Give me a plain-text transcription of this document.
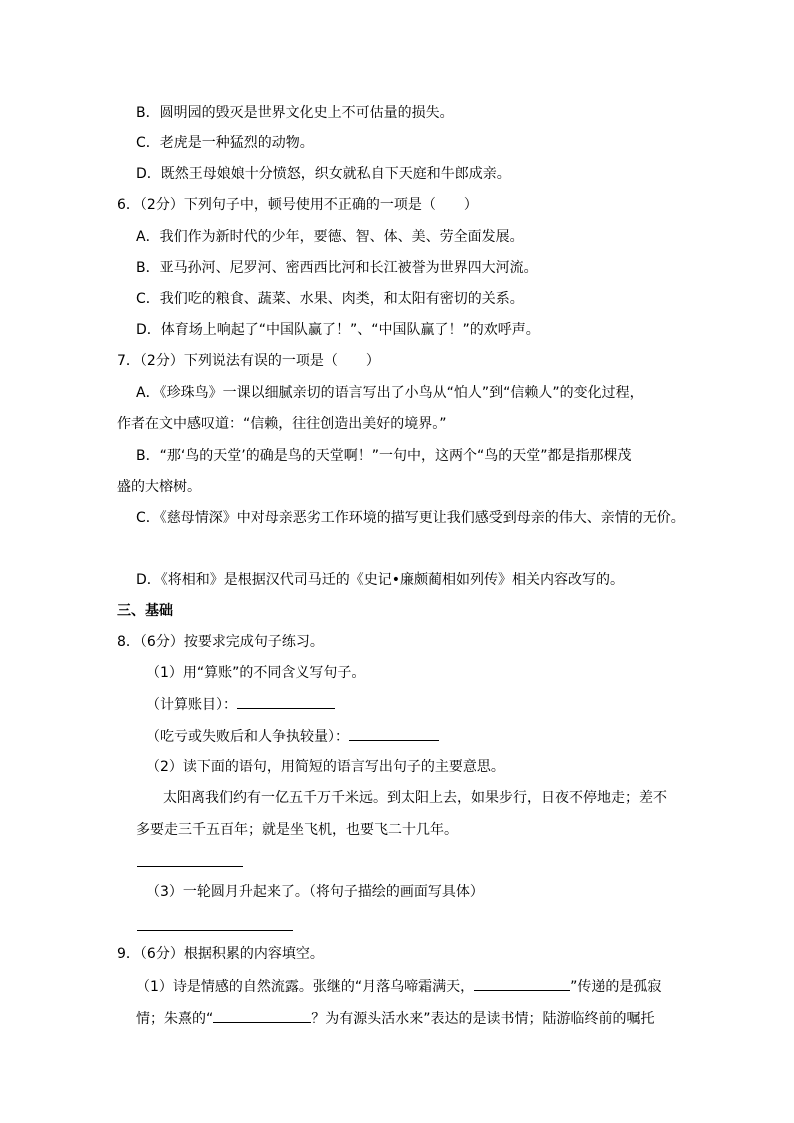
B．圆明园的毁灭是世界文化史上不可估量的损失。
C．老虎是一种猛烈的动物。
D．既然王母娘娘十分愤怒，织女就私自下天庭和牛郎成亲。
6．（2分）下列句子中，顿号使用不正确的一项是（　　）
A．我们作为新时代的少年，要德、智、体、美、劳全面发展。
B．亚马孙河、尼罗河、密西西比河和长江被誉为世界四大河流。
C．我们吃的粮食、蔬菜、水果、肉类，和太阳有密切的关系。
D．体育场上响起了“中国队赢了！”、“中国队赢了！”的欢呼声。
7．（2分）下列说法有误的一项是（　　）
A．《珍珠鸟》一课以细腻亲切的语言写出了小鸟从“怕人”到“信赖人”的变化过程，
作者在文中感叹道：“信赖，往往创造出美好的境界。”
B．“那‘鸟的天堂’的确是鸟的天堂啊！”一句中，这两个“鸟的天堂”都是指那棵茂
盛的大榕树。
C．《慈母情深》中对母亲恶劣工作环境的描写更让我们感受到母亲的伟大、亲情的无价。
D．《将相和》是根据汉代司马迁的《史记•廉颇蔺相如列传》相关内容改写的。
三、基础
8．（6分）按要求完成句子练习。
（1）用“算账”的不同含义写句子。
（计算账目）：
（吃亏或失败后和人争执较量）：
（2）读下面的语句，用简短的语言写出句子的主要意思。
太阳离我们约有一亿五千万千米远。到太阳上去，如果步行，日夜不停地走；差不
多要走三千五百年；就是坐飞机，也要飞二十几年。
（3）一轮圆月升起来了。（将句子描绘的画面写具体）
9．（6分）根据积累的内容填空。
（1）诗是情感的自然流露。张继的“月落乌啼霜满天，	”传递的是孤寂
情；朱熹的“	？为有源头活水来”表达的是读书情；陆游临终前的嘱托
